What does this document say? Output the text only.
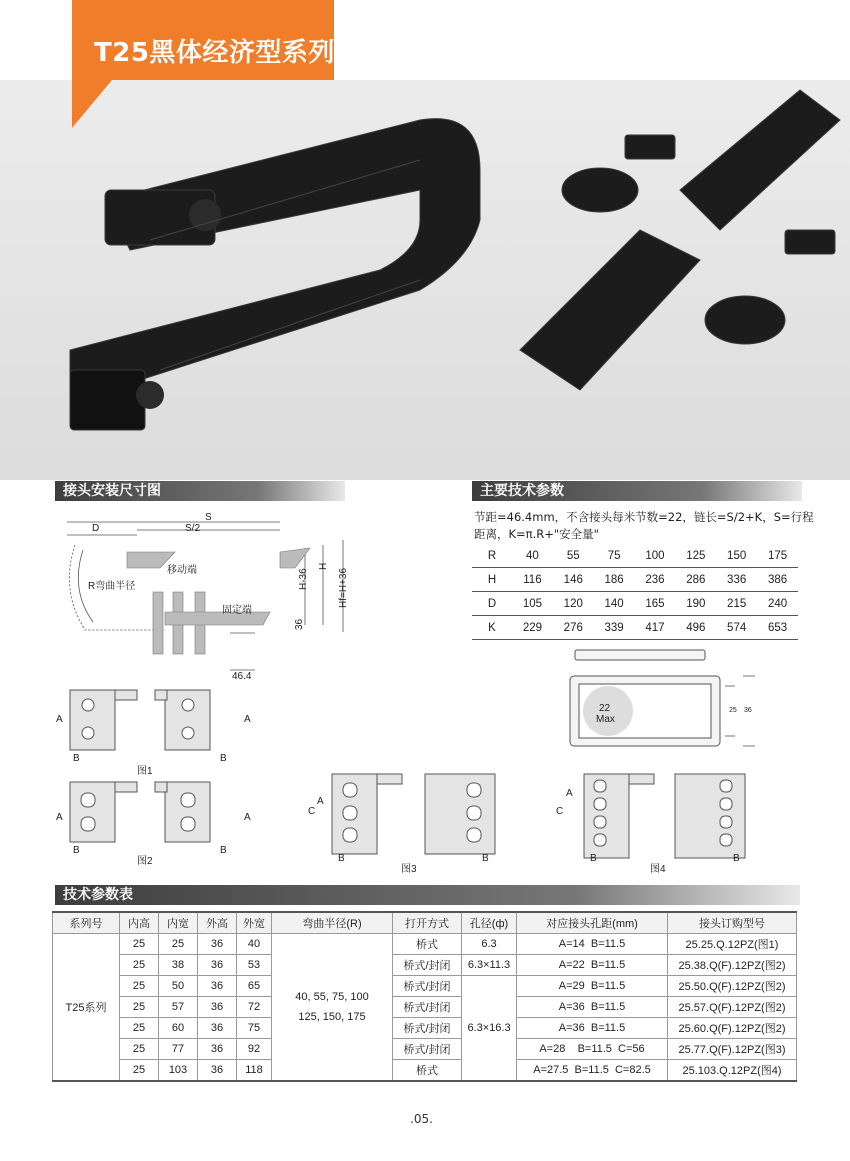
T25黑体经济型系列
接头安装尺寸图	主要技术参数
技术参数表
S
D	S/2
移动端
R弯曲半径
固定端
H-36
H
Hf=H+36
36
46.4
节距=46.4mm，不含接头每米节数=22，链长=S/2+K，S=行程距离，K=π.R+"安全量"
R	40	55	75	100	125	150	175
H	116	146	186	236	286	336	386
D	105	120	140	165	190	215	240
K	229	276	339	417	496	574	653
22
Max
25 36
图1
图2
A	A
B	B
A	A
B	B
图3
A
C
B	B
图4
A
C
B	B
系列号	内高	内宽	外高	外宽	弯曲半径(R)	打开方式	孔径(ф)	对应接头孔距(mm)	接头订购型号
T25系列	25	25	36	40	40, 55, 75, 100
125, 150, 175	桥式	6.3	A=14  B=11.5	25.25.Q.12PZ(图1)
	25	38	36	53		桥式/封闭	6.3×11.3	A=22  B=11.5	25.38.Q(F).12PZ(图2)
	25	50	36	65		桥式/封闭	6.3×16.3	A=29  B=11.5	25.50.Q(F).12PZ(图2)
	25	57	36	72		桥式/封闭		A=36  B=11.5	25.57.Q(F).12PZ(图2)
	25	60	36	75		桥式/封闭		A=36  B=11.5	25.60.Q(F).12PZ(图2)
	25	77	36	92		桥式/封闭		A=28    B=11.5  C=56	25.77.Q(F).12PZ(图3)
	25	103	36	118		桥式		A=27.5  B=11.5  C=82.5	25.103.Q.12PZ(图4)
.05.
